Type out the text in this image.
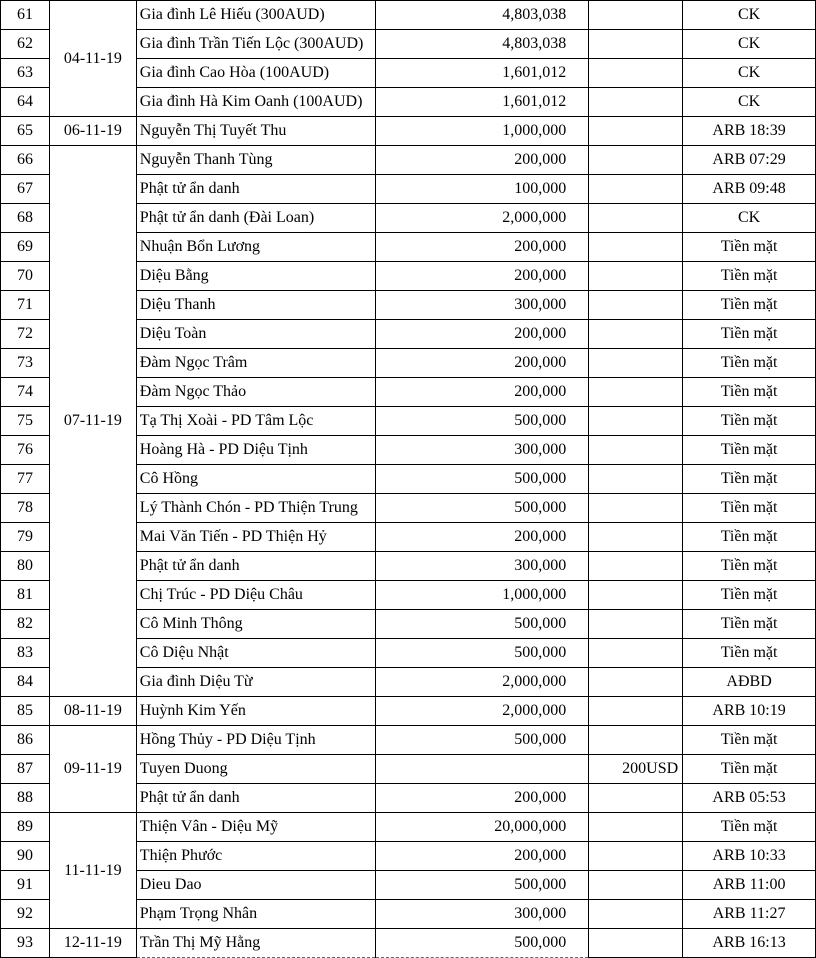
61	04-11-19	Gia đình Lê Hiếu (300AUD)	4,803,038		CK
62		Gia đình Trần Tiến Lộc (300AUD)	4,803,038		CK
63		Gia đình Cao Hòa (100AUD)	1,601,012		CK
64		Gia đình Hà Kim Oanh (100AUD)	1,601,012		CK
65	06-11-19	Nguyễn Thị Tuyết Thu	1,000,000		ARB 18:39
66	07-11-19	Nguyễn Thanh Tùng	200,000		ARB 07:29
67		Phật tử ẩn danh	100,000		ARB 09:48
68		Phật tử ẩn danh (Đài Loan)	2,000,000		CK
69		Nhuận Bổn Lương	200,000		Tiền mặt
70		Diệu Bằng	200,000		Tiền mặt
71		Diệu Thanh	300,000		Tiền mặt
72		Diệu Toàn	200,000		Tiền mặt
73		Đàm Ngọc Trâm	200,000		Tiền mặt
74		Đàm Ngọc Thảo	200,000		Tiền mặt
75		Tạ Thị Xoài - PD Tâm Lộc	500,000		Tiền mặt
76		Hoàng Hà - PD Diệu Tịnh	300,000		Tiền mặt
77		Cô Hồng	500,000		Tiền mặt
78		Lý Thành Chón - PD Thiện Trung	500,000		Tiền mặt
79		Mai Văn Tiến - PD Thiện Hỷ	200,000		Tiền mặt
80		Phật tử ẩn danh	300,000		Tiền mặt
81		Chị Trúc - PD Diệu Châu	1,000,000		Tiền mặt
82		Cô Minh Thông	500,000		Tiền mặt
83		Cô Diệu Nhật	500,000		Tiền mặt
84		Gia đình Diệu Từ	2,000,000		AĐBD
85	08-11-19	Huỳnh Kim Yến	2,000,000		ARB 10:19
86	09-11-19	Hồng Thủy - PD Diệu Tịnh	500,000		Tiền mặt
87		Tuyen Duong		200USD	Tiền mặt
88		Phật tử ẩn danh	200,000		ARB 05:53
89	11-11-19	Thiện Vân - Diệu Mỹ	20,000,000		Tiền mặt
90		Thiện Phước	200,000		ARB 10:33
91		Dieu Dao	500,000		ARB 11:00
92		Phạm Trọng Nhân	300,000		ARB 11:27
93	12-11-19	Trần Thị Mỹ Hằng	500,000		ARB 16:13
